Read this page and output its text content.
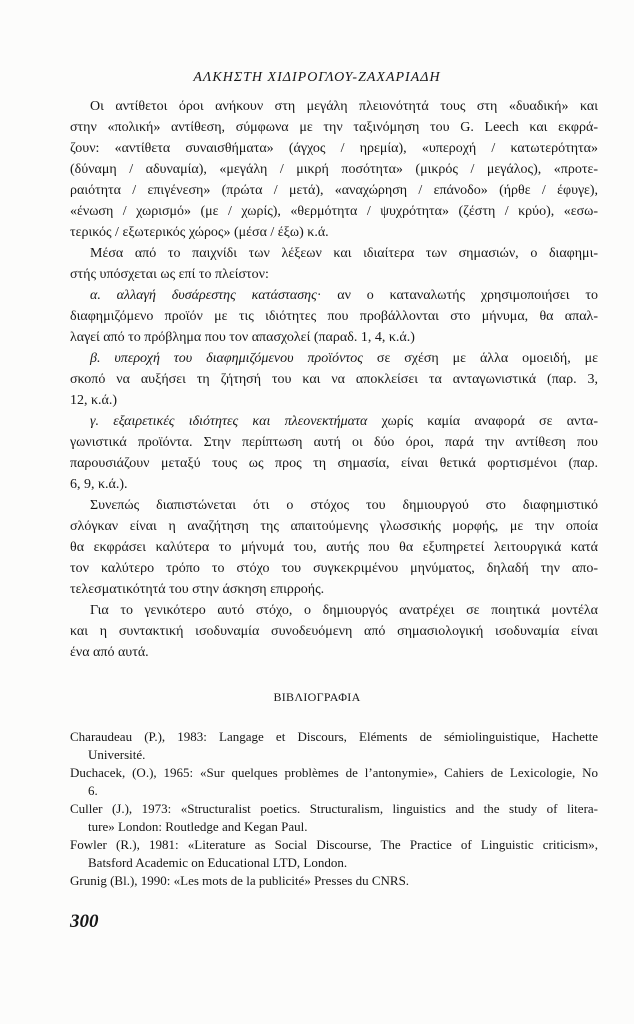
ΑΛΚΗΣΤΗ ΧΙΔΙΡΟΓΛΟΥ-ΖΑΧΑΡΙΑΔΗ
Οι αντίθετοι όροι ανήκουν στη μεγάλη πλειονότητά τους στη «δυαδική» και
στην «πολική» αντίθεση, σύμφωνα με την ταξινόμηση του G. Leech και εκφρά-
ζουν: «αντίθετα συναισθήματα» (άγχος / ηρεμία), «υπεροχή / κατωτερότητα»
(δύναμη / αδυναμία), «μεγάλη / μικρή ποσότητα» (μικρός / μεγάλος), «προτε-
ραιότητα / επιγένεση» (πρώτα / μετά), «αναχώρηση / επάνοδο» (ήρθε / έφυγε),
«ένωση / χωρισμό» (με / χωρίς), «θερμότητα / ψυχρότητα» (ζέστη / κρύο), «εσω-
τερικός / εξωτερικός χώρος» (μέσα / έξω) κ.ά.
Μέσα από το παιχνίδι των λέξεων και ιδιαίτερα των σημασιών, ο διαφημι-
στής υπόσχεται ως επί το πλείστον:
α. αλλαγή δυσάρεστης κατάστασης· αν ο καταναλωτής χρησιμοποιήσει το
διαφημιζόμενο προϊόν με τις ιδιότητες που προβάλλονται στο μήνυμα, θα απαλ-
λαγεί από το πρόβλημα που τον απασχολεί (παραδ. 1, 4, κ.ά.)
β. υπεροχή του διαφημιζόμενου προϊόντος σε σχέση με άλλα ομοειδή, με
σκοπό να αυξήσει τη ζήτησή του και να αποκλείσει τα ανταγωνιστικά (παρ. 3,
12, κ.ά.)
γ. εξαιρετικές ιδιότητες και πλεονεκτήματα χωρίς καμία αναφορά σε αντα-
γωνιστικά προϊόντα. Στην περίπτωση αυτή οι δύο όροι, παρά την αντίθεση που
παρουσιάζουν μεταξύ τους ως προς τη σημασία, είναι θετικά φορτισμένοι (παρ.
6, 9, κ.ά.).
Συνεπώς διαπιστώνεται ότι ο στόχος του δημιουργού στο διαφημιστικό
σλόγκαν είναι η αναζήτηση της απαιτούμενης γλωσσικής μορφής, με την οποία
θα εκφράσει καλύτερα το μήνυμά του, αυτής που θα εξυπηρετεί λειτουργικά κατά
τον καλύτερο τρόπο το στόχο του συγκεκριμένου μηνύματος, δηλαδή την απο-
τελεσματικότητά του στην άσκηση επιρροής.
Για το γενικότερο αυτό στόχο, ο δημιουργός ανατρέχει σε ποιητικά μοντέλα
και η συντακτική ισοδυναμία συνοδευόμενη από σημασιολογική ισοδυναμία είναι
ένα από αυτά.
ΒΙΒΛΙΟΓΡΑΦΙΑ
Charaudeau (P.), 1983: Langage et Discours, Eléments de sémiolinguistique, Hachette
Université.
Duchacek, (O.), 1965: «Sur quelques problèmes de l’antonymie», Cahiers de Lexicologie, No
6.
Culler (J.), 1973: «Structuralist poetics. Structuralism, linguistics and the study of litera-
ture» London: Routledge and Kegan Paul.
Fowler (R.), 1981: «Literature as Social Discourse, The Practice of Linguistic criticism»,
Batsford Academic on Educational LTD, London.
Grunig (Bl.), 1990: «Les mots de la publicité» Presses du CNRS.
300
